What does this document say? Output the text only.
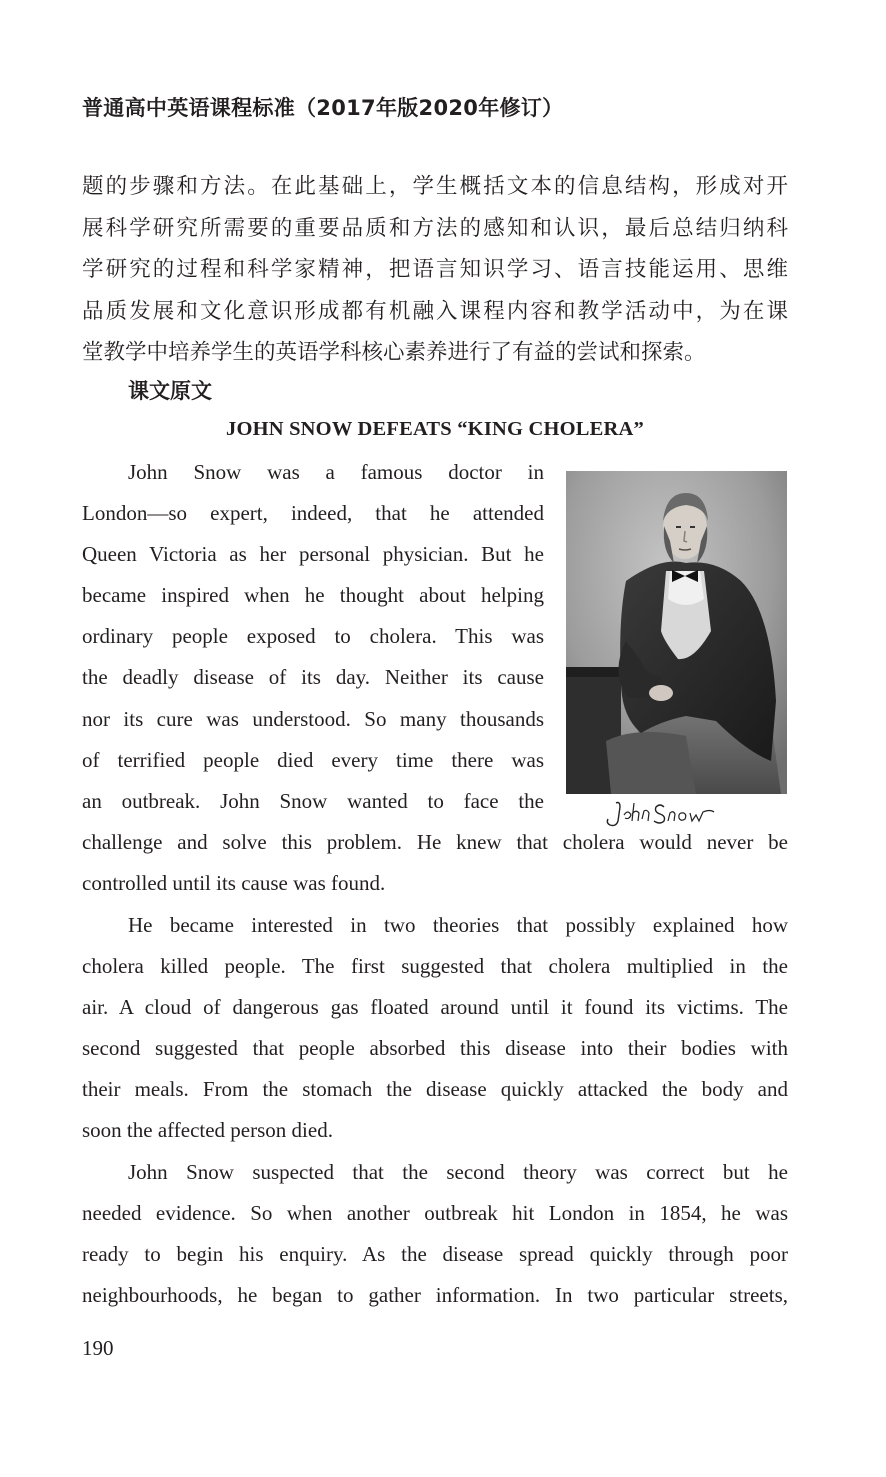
普通高中英语课程标准（2017年版2020年修订）
题的步骤和方法。在此基础上，学生概括文本的信息结构，形成对开
展科学研究所需要的重要品质和方法的感知和认识，最后总结归纳科
学研究的过程和科学家精神，把语言知识学习、语言技能运用、思维
品质发展和文化意识形成都有机融入课程内容和教学活动中，为在课
堂教学中培养学生的英语学科核心素养进行了有益的尝试和探索。
课文原文
JOHN SNOW DEFEATS “KING CHOLERA”
John Snow was a famous doctor in
London—so expert, indeed, that he attended
Queen Victoria as her personal physician. But he
became inspired when he thought about helping
ordinary people exposed to cholera. This was
the deadly disease of its day. Neither its cause
nor its cure was understood. So many thousands
of terrified people died every time there was
an outbreak. John Snow wanted to face the
challenge and solve this problem. He knew that cholera would never be
controlled until its cause was found.
He became interested in two theories that possibly explained how
cholera killed people. The first suggested that cholera multiplied in the
air. A cloud of dangerous gas floated around until it found its victims. The
second suggested that people absorbed this disease into their bodies with
their meals. From the stomach the disease quickly attacked the body and
soon the affected person died.
John Snow suspected that the second theory was correct but he
needed evidence. So when another outbreak hit London in 1854, he was
ready to begin his enquiry. As the disease spread quickly through poor
neighbourhoods, he began to gather information. In two particular streets,
190
